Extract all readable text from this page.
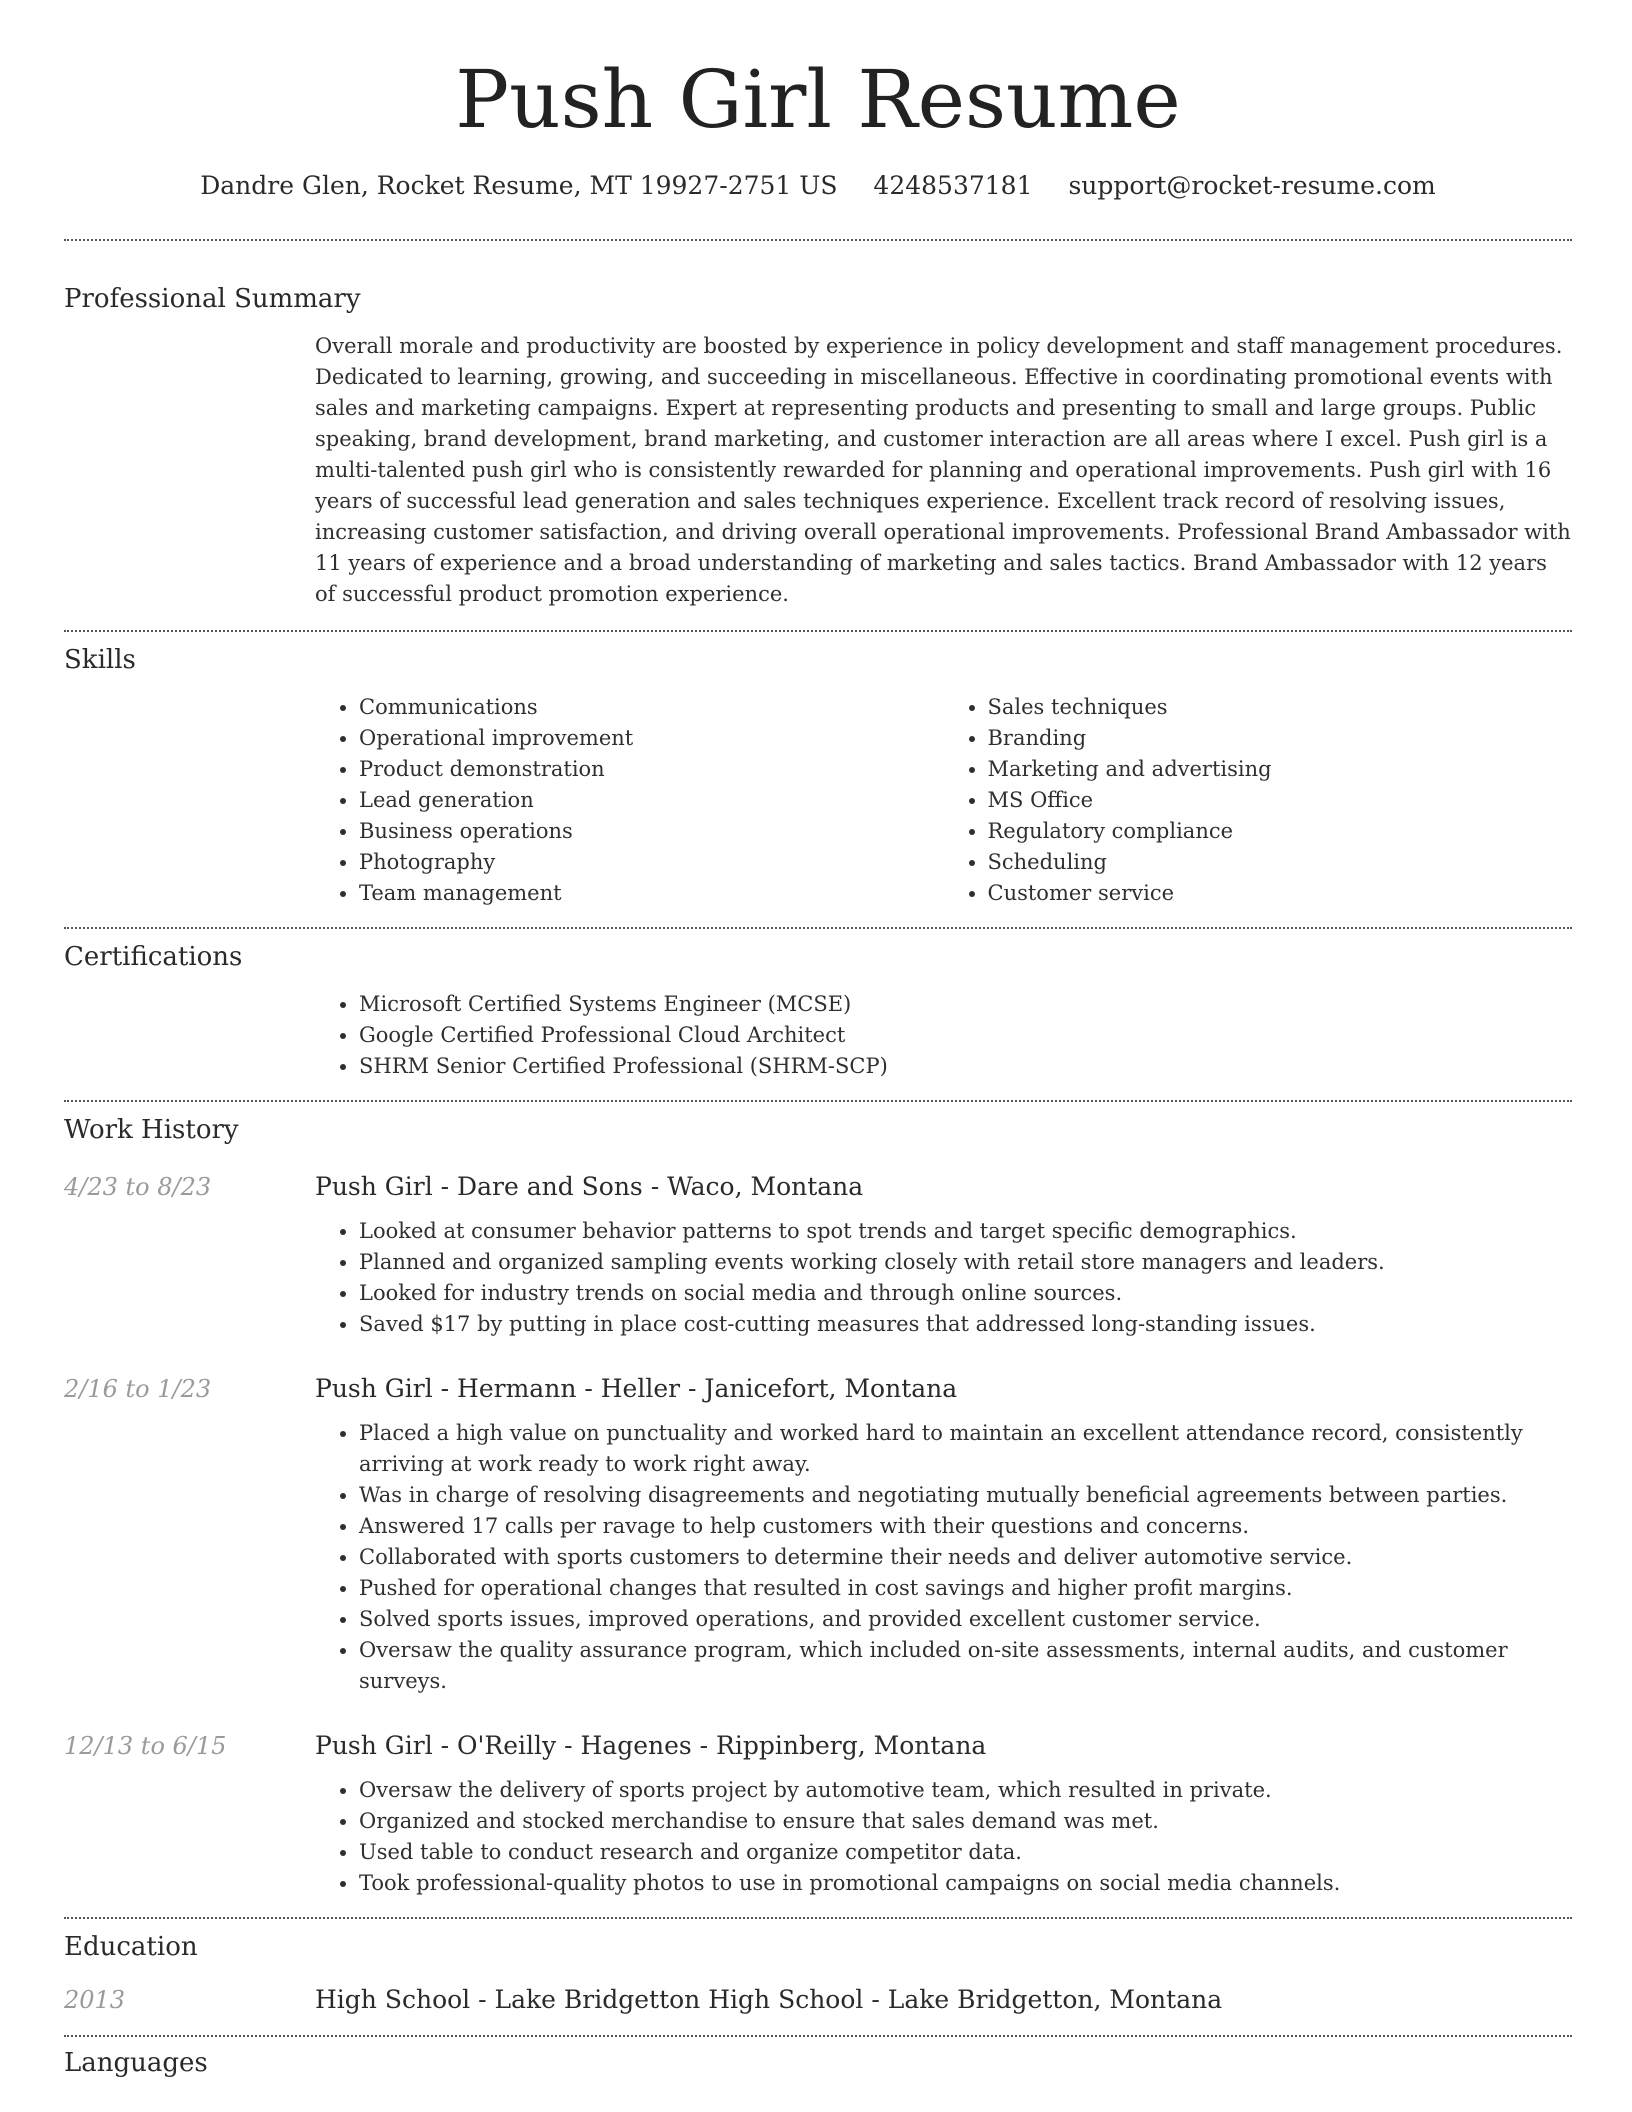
Push Girl Resume
Dandre Glen, Rocket Resume, MT 19927-2751 US 4248537181 support@rocket-resume.com
Professional Summary
Overall morale and productivity are boosted by experience in policy development and staff management procedures. Dedicated to learning, growing, and succeeding in miscellaneous. Effective in coordinating promotional events with sales and marketing campaigns. Expert at representing products and presenting to small and large groups. Public speaking, brand development, brand marketing, and customer interaction are all areas where I excel. Push girl is a multi-talented push girl who is consistently rewarded for planning and operational improvements. Push girl with 16 years of successful lead generation and sales techniques experience. Excellent track record of resolving issues, increasing customer satisfaction, and driving overall operational improvements. Professional Brand Ambassador with 11 years of experience and a broad understanding of marketing and sales tactics. Brand Ambassador with 12 years of successful product promotion experience.
Skills
• Communications
• Operational improvement
• Product demonstration
• Lead generation
• Business operations
• Photography
• Team management
• Sales techniques
• Branding
• Marketing and advertising
• MS Office
• Regulatory compliance
• Scheduling
• Customer service
Certifications
• Microsoft Certified Systems Engineer (MCSE)
• Google Certified Professional Cloud Architect
• SHRM Senior Certified Professional (SHRM-SCP)
Work History
4/23 to 8/23	Push Girl - Dare and Sons - Waco, Montana
• Looked at consumer behavior patterns to spot trends and target specific demographics.
• Planned and organized sampling events working closely with retail store managers and leaders.
• Looked for industry trends on social media and through online sources.
• Saved $17 by putting in place cost-cutting measures that addressed long-standing issues.
2/16 to 1/23	Push Girl - Hermann - Heller - Janicefort, Montana
• Placed a high value on punctuality and worked hard to maintain an excellent attendance record, consistently arriving at work ready to work right away.
• Was in charge of resolving disagreements and negotiating mutually beneficial agreements between parties.
• Answered 17 calls per ravage to help customers with their questions and concerns.
• Collaborated with sports customers to determine their needs and deliver automotive service.
• Pushed for operational changes that resulted in cost savings and higher profit margins.
• Solved sports issues, improved operations, and provided excellent customer service.
• Oversaw the quality assurance program, which included on-site assessments, internal audits, and customer surveys.
12/13 to 6/15	Push Girl - O'Reilly - Hagenes - Rippinberg, Montana
• Oversaw the delivery of sports project by automotive team, which resulted in private.
• Organized and stocked merchandise to ensure that sales demand was met.
• Used table to conduct research and organize competitor data.
• Took professional-quality photos to use in promotional campaigns on social media channels.
Education
2013	High School - Lake Bridgetton High School - Lake Bridgetton, Montana
Languages
